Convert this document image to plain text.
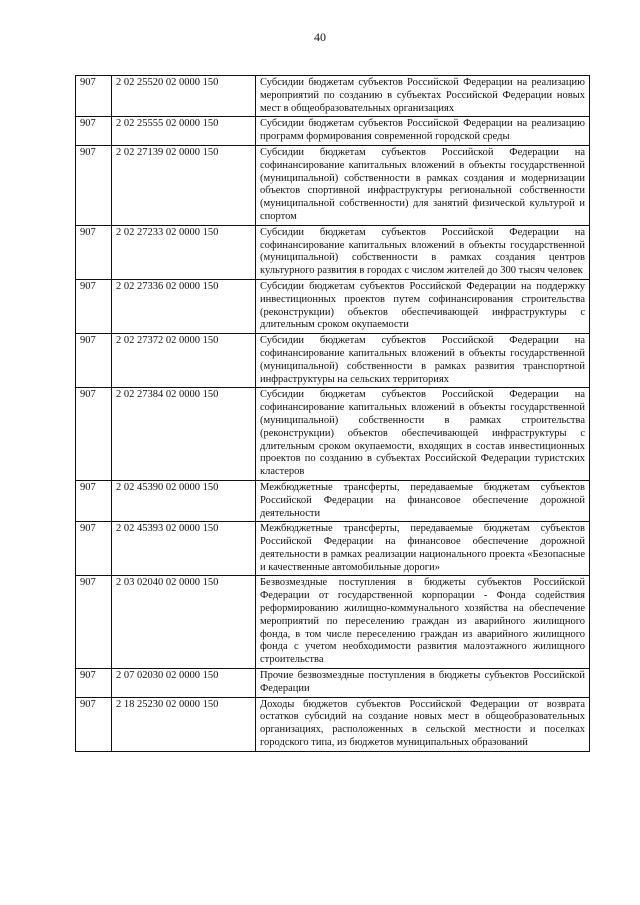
40
907	2 02 25520 02 0000 150	Субсидии бюджетам субъектов Российской Федерации на реализацию мероприятий по созданию в субъектах Российской Федерации новых мест в общеобразовательных организациях
907	2 02 25555 02 0000 150	Субсидии бюджетам субъектов Российской Федерации на реализацию программ формирования современной городской среды
907	2 02 27139 02 0000 150	Субсидии бюджетам субъектов Российской Федерации на софинансирование капитальных вложений в объекты государственной (муниципальной) собственности в рамках создания и модернизации объектов спортивной инфраструктуры региональной собственности (муниципальной собственности) для занятий физической культурой и спортом
907	2 02 27233 02 0000 150	Субсидии бюджетам субъектов Российской Федерации на софинансирование капитальных вложений в объекты государственной (муниципальной) собственности в рамках создания центров культурного развития в городах с числом жителей до 300 тысяч человек
907	2 02 27336 02 0000 150	Субсидии бюджетам субъектов Российской Федерации на поддержку инвестиционных проектов путем софинансирования строительства (реконструкции) объектов обеспечивающей инфраструктуры с длительным сроком окупаемости
907	2 02 27372 02 0000 150	Субсидии бюджетам субъектов Российской Федерации на софинансирование капитальных вложений в объекты государственной (муниципальной) собственности в рамках развития транспортной инфраструктуры на сельских территориях
907	2 02 27384 02 0000 150	Субсидии бюджетам субъектов Российской Федерации на софинансирование капитальных вложений в объекты государственной (муниципальной) собственности в рамках строительства (реконструкции) объектов обеспечивающей инфраструктуры с длительным сроком окупаемости, входящих в состав инвестиционных проектов по созданию в субъектах Российской Федерации туристских кластеров
907	2 02 45390 02 0000 150	Межбюджетные трансферты, передаваемые бюджетам субъектов Российской Федерации на финансовое обеспечение дорожной деятельности
907	2 02 45393 02 0000 150	Межбюджетные трансферты, передаваемые бюджетам субъектов Российской Федерации на финансовое обеспечение дорожной деятельности в рамках реализации национального проекта «Безопасные и качественные автомобильные дороги»
907	2 03 02040 02 0000 150	Безвозмездные поступления в бюджеты субъектов Российской Федерации от государственной корпорации - Фонда содействия реформированию жилищно-коммунального хозяйства на обеспечение мероприятий по переселению граждан из аварийного жилищного фонда, в том числе переселению граждан из аварийного жилищного фонда с учетом необходимости развития малоэтажного жилищного строительства
907	2 07 02030 02 0000 150	Прочие безвозмездные поступления в бюджеты субъектов Российской Федерации
907	2 18 25230 02 0000 150	Доходы бюджетов субъектов Российской Федерации от возврата остатков субсидий на создание новых мест в общеобразовательных организациях, расположенных в сельской местности и поселках городского типа, из бюджетов муниципальных образований
